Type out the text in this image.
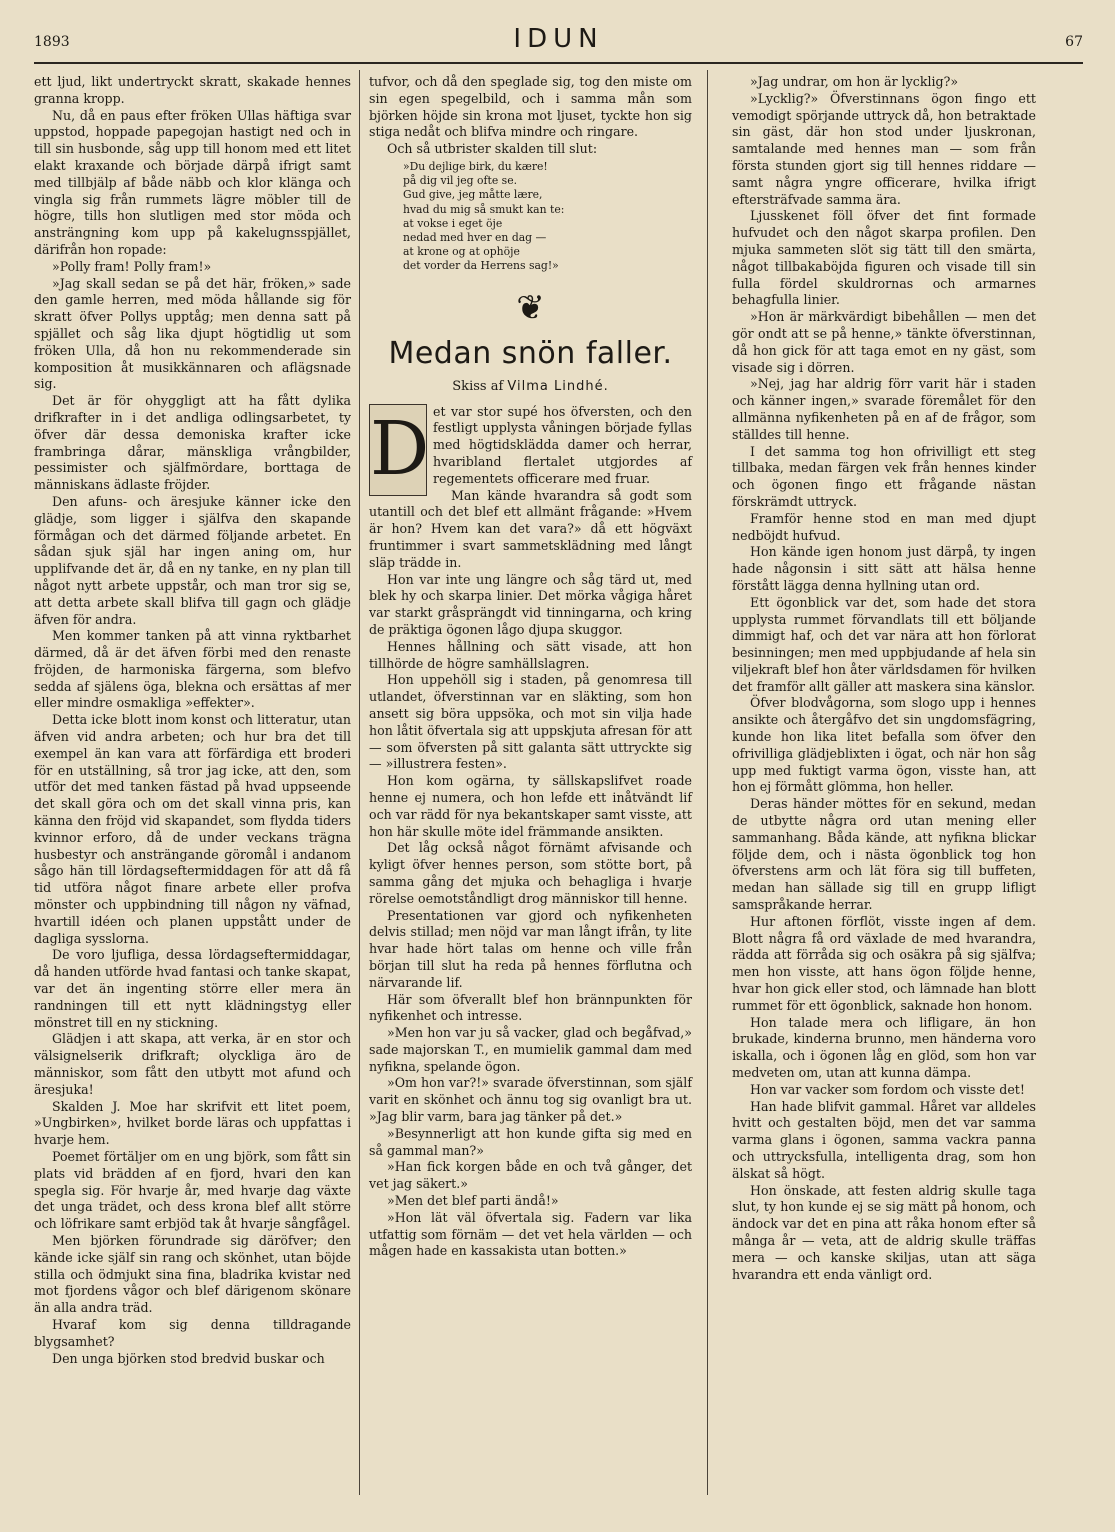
1893	IDUN	67

ett ljud, likt undertryckt skratt, skakade hennes granna kropp.

Nu, då en paus efter fröken Ullas häftiga svar uppstod, hoppade papegojan hastigt ned och in till sin husbonde, såg upp till honom med ett litet elakt kraxande och började därpå ifrigt samt med tillbjälp af både näbb och klor klänga och vingla sig från rummets lägre möbler till de högre, tills hon slutligen med stor möda och ansträngning kom upp på kakelugnsspjället, därifrån hon ropade:

»Polly fram! Polly fram!»

»Jag skall sedan se på det här, fröken,» sade den gamle herren, med möda hållande sig för skratt öfver Pollys upptåg; men denna satt på spjället och såg lika djupt högtidlig ut som fröken Ulla, då hon nu rekommenderade sin komposition åt musikkännaren och aflägsnade sig.

Det är för ohyggligt att ha fått dylika drifkrafter in i det andliga odlingsarbetet, ty öfver där dessa demoniska krafter icke frambringa dårar, mänskliga vrångbilder, pessimister och själfmördare, borttaga de människans ädlaste fröjder.

Den afuns- och äresjuke känner icke den glädje, som ligger i själfva den skapande förmågan och det därmed följande arbetet. En sådan sjuk själ har ingen aning om, hur upplifvande det är, då en ny tanke, en ny plan till något nytt arbete uppstår, och man tror sig se, att detta arbete skall blifva till gagn och glädje äfven för andra.

Men kommer tanken på att vinna ryktbarhet därmed, då är det äfven förbi med den renaste fröjden, de harmoniska färgerna, som blefvo sedda af själens öga, blekna och ersättas af mer eller mindre osmakliga »effekter».

Detta icke blott inom konst och litteratur, utan äfven vid andra arbeten; och hur bra det till exempel än kan vara att förfärdiga ett broderi för en utställning, så tror jag icke, att den, som utför det med tanken fästad på hvad uppseende det skall göra och om det skall vinna pris, kan känna den fröjd vid skapandet, som flydda tiders kvinnor erforo, då de under veckans trägna husbestyr och ansträngande göromål i andanom sågo hän till lördagseftermiddagen för att då få tid utföra något finare arbete eller profva mönster och uppbindning till någon ny väfnad, hvartill idéen och planen uppstått under de dagliga sysslorna.

De voro ljufliga, dessa lördagseftermiddagar, då handen utförde hvad fantasi och tanke skapat, var det än ingenting större eller mera än randningen till ett nytt klädningstyg eller mönstret till en ny stickning.

Glädjen i att skapa, att verka, är en stor och välsignelserik drifkraft; olyckliga äro de människor, som fått den utbytt mot afund och äresjuka!

Skalden J. Moe har skrifvit ett litet poem, »Ungbirken», hvilket borde läras och uppfattas i hvarje hem.

Poemet förtäljer om en ung björk, som fått sin plats vid brädden af en fjord, hvari den kan spegla sig. För hvarje år, med hvarje dag växte det unga trädet, och dess krona blef allt större och löfrikare samt erbjöd tak åt hvarje sångfågel.

Men björken förundrade sig däröfver; den kände icke själf sin rang och skönhet, utan böjde stilla och ödmjukt sina fina, bladrika kvistar ned mot fjordens vågor och blef därigenom skönare än alla andra träd.

Hvaraf kom sig denna tilldragande blygsamhet?

Den unga björken stod bredvid buskar och

tufvor, och då den speglade sig, tog den miste om sin egen spegelbild, och i samma mån som björken höjde sin krona mot ljuset, tyckte hon sig stiga nedåt och blifva mindre och ringare.

Och så utbrister skalden till slut:

»Du dejlige birk, du kære!
på dig vil jeg ofte se.
Gud give, jeg måtte lære,
hvad du mig så smukt kan te:
at vokse i eget öje
nedad med hver en dag —
at krone og at ophöje
det vorder da Herrens sag!»
❦
Medan snön faller.
Skiss af Vilma Lindhé.

D et var stor supé hos öfversten, och den festligt upplysta våningen började fyllas med högtidsklädda damer och herrar, hvaribland flertalet utgjordes af regementets officerare med fruar.

Man kände hvarandra så godt som utantill och det blef ett allmänt frågande: »Hvem är hon? Hvem kan det vara?» då ett högväxt fruntimmer i svart sammetsklädning med långt släp trädde in.

Hon var inte ung längre och såg tärd ut, med blek hy och skarpa linier. Det mörka vågiga håret var starkt gråsprängdt vid tinningarna, och kring de präktiga ögonen lågo djupa skuggor.

Hennes hållning och sätt visade, att hon tillhörde de högre samhällslagren.

Hon uppehöll sig i staden, på genomresa till utlandet, öfverstinnan var en släkting, som hon ansett sig böra uppsöka, och mot sin vilja hade hon låtit öfvertala sig att uppskjuta afresan för att — som öfversten på sitt galanta sätt uttryckte sig — »illustrera festen».

Hon kom ogärna, ty sällskapslifvet roade henne ej numera, och hon lefde ett inåtvändt lif och var rädd för nya bekantskaper samt visste, att hon här skulle möte idel främmande ansikten.

Det låg också något förnämt afvisande och kyligt öfver hennes person, som stötte bort, på samma gång det mjuka och behagliga i hvarje rörelse oemotståndligt drog människor till henne.

Presentationen var gjord och nyfikenheten delvis stillad; men nöjd var man långt ifrån, ty lite hvar hade hört talas om henne och ville från början till slut ha reda på hennes förflutna och närvarande lif.

Här som öfverallt blef hon brännpunkten för nyfikenhet och intresse.

»Men hon var ju så vacker, glad och begåfvad,» sade majorskan T., en mumielik gammal dam med nyfikna, spelande ögon.

»Om hon var?!» svarade öfverstinnan, som själf varit en skönhet och ännu tog sig ovanligt bra ut. »Jag blir varm, bara jag tänker på det.»

»Besynnerligt att hon kunde gifta sig med en så gammal man?»

»Han fick korgen både en och två gånger, det vet jag säkert.»

»Men det blef parti ändå!»

»Hon lät väl öfvertala sig. Fadern var lika utfattig som förnäm — det vet hela världen — och mågen hade en kassakista utan botten.»

»Jag undrar, om hon är lycklig?»

»Lycklig?» Öfverstinnans ögon fingo ett vemodigt spörjande uttryck då, hon betraktade sin gäst, där hon stod under ljuskronan, samtalande med hennes man — som från första stunden gjort sig till hennes riddare — samt några yngre officerare, hvilka ifrigt eftersträfvade samma ära.

Ljusskenet föll öfver det fint formade hufvudet och den något skarpa profilen. Den mjuka sammeten slöt sig tätt till den smärta, något tillbakaböjda figuren och visade till sin fulla fördel skuldrornas och armarnes behagfulla linier.

»Hon är märkvärdigt bibehållen — men det gör ondt att se på henne,» tänkte öfverstinnan, då hon gick för att taga emot en ny gäst, som visade sig i dörren.

»Nej, jag har aldrig förr varit här i staden och känner ingen,» svarade föremålet för den allmänna nyfikenheten på en af de frågor, som ställdes till henne.

I det samma tog hon ofrivilligt ett steg tillbaka, medan färgen vek från hennes kinder och ögonen fingo ett frågande nästan förskrämdt uttryck.

Framför henne stod en man med djupt nedböjdt hufvud.

Hon kände igen honom just därpå, ty ingen hade någonsin i sitt sätt att hälsa henne förstått lägga denna hyllning utan ord.

Ett ögonblick var det, som hade det stora upplysta rummet förvandlats till ett böljande dimmigt haf, och det var nära att hon förlorat besinningen; men med uppbjudande af hela sin viljekraft blef hon åter världsdamen för hvilken det framför allt gäller att maskera sina känslor.

Öfver blodvågorna, som slogo upp i hennes ansikte och återgåfvo det sin ungdomsfägring, kunde hon lika litet befalla som öfver den ofrivilliga glädjeblixten i ögat, och när hon såg upp med fuktigt varma ögon, visste han, att hon ej förmått glömma, hon heller.

Deras händer möttes för en sekund, medan de utbytte några ord utan mening eller sammanhang. Båda kände, att nyfikna blickar följde dem, och i nästa ögonblick tog hon öfverstens arm och lät föra sig till buffeten, medan han sällade sig till en grupp lifligt samspråkande herrar.

Hur aftonen förflöt, visste ingen af dem. Blott några få ord växlade de med hvarandra, rädda att förråda sig och osäkra på sig själfva; men hon visste, att hans ögon följde henne, hvar hon gick eller stod, och lämnade han blott rummet för ett ögonblick, saknade hon honom.

Hon talade mera och lifligare, än hon brukade, kinderna brunno, men händerna voro iskalla, och i ögonen låg en glöd, som hon var medveten om, utan att kunna dämpa.

Hon var vacker som fordom och visste det!

Han hade blifvit gammal. Håret var alldeles hvitt och gestalten böjd, men det var samma varma glans i ögonen, samma vackra panna och uttrycksfulla, intelligenta drag, som hon älskat så högt.

Hon önskade, att festen aldrig skulle taga slut, ty hon kunde ej se sig mätt på honom, och ändock var det en pina att råka honom efter så många år — veta, att de aldrig skulle träffas mera — och kanske skiljas, utan att säga hvarandra ett enda vänligt ord.
